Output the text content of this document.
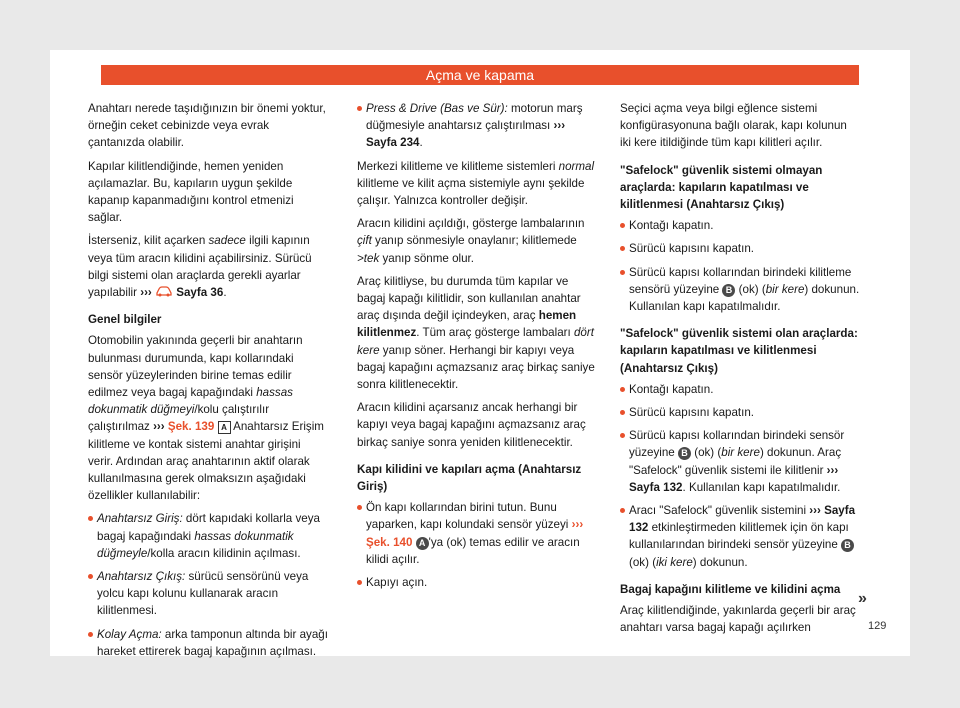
Açma ve kapama

Anahtarı nerede taşıdığınızın bir önemi yoktur, örneğin ceket cebinizde veya evrak çantanızda olabilir.

Kapılar kilitlendiğinde, hemen yeniden açılamazlar. Bu, kapıların uygun şekilde kapanıp kapanmadığını kontrol etmenizi sağlar.

İsterseniz, kilit açarken sadece ilgili kapının veya tüm aracın kilidini açabilirsiniz. Sürücü bilgi sistemi olan araçlarda gerekli ayarlar yapılabilir ›››  Sayfa 36.

Genel bilgiler

Otomobilin yakınında geçerli bir anahtarın bulunması durumunda, kapı kollarındaki sensör yüzeylerinden birine temas edilir edilmez veya bagaj kapağındaki hassas dokunmatik düğmeyi/kolu çalıştırılır çalıştırılmaz ››› Şek. 139 A Anahtarsız Erişim kilitleme ve kontak sistemi anahtar girişini verir. Ardından araç anahtarının aktif olarak kullanılmasına gerek olmaksızın aşağıdaki özellikler kullanılabilir:

Anahtarsız Giriş: dört kapıdaki kollarla veya bagaj kapağındaki hassas dokunmatik düğmeyle/kolla aracın kilidinin açılması.
Anahtarsız Çıkış: sürücü sensörünü veya yolcu kapı kolunu kullanarak aracın kilitlenmesi.
Kolay Açma: arka tamponun altında bir ayağı hareket ettirerek bagaj kapağının açılması.
Press & Drive (Bas ve Sür): motorun marş düğmesiyle anahtarsız çalıştırılması ››› Sayfa 234.

Merkezi kilitleme ve kilitleme sistemleri normal kilitleme ve kilit açma sistemiyle aynı şekilde çalışır. Yalnızca kontroller değişir.

Aracın kilidini açıldığı, gösterge lambalarının çift yanıp sönmesiyle onaylanır; kilitlemede >tek yanıp sönme olur.

Araç kilitliyse, bu durumda tüm kapılar ve bagaj kapağı kilitlidir, son kullanılan anahtar araç dışında değil içindeyken, araç hemen kilitlenmez. Tüm araç gösterge lambaları dört kere yanıp söner. Herhangi bir kapıyı veya bagaj kapağını açmazsanız araç birkaç saniye sonra kilitlenecektir.

Aracın kilidini açarsanız ancak herhangi bir kapıyı veya bagaj kapağını açmazsanız araç birkaç saniye sonra yeniden kilitlenecektir.

Kapı kilidini ve kapıları açma (Anahtarsız Giriş)
Ön kapı kollarından birini tutun. Bunu yaparken, kapı kolundaki sensör yüzeyi ››› Şek. 140 A 'ya (ok) temas edilir ve aracın kilidi açılır.
Kapıyı açın.

Seçici açma veya bilgi eğlence sistemi konfigürasyonuna bağlı olarak, kapı kolunun iki kere itildiğinde tüm kapı kilitleri açılır.

"Safelock" güvenlik sistemi olmayan araçlarda: kapıların kapatılması ve kilitlenmesi (Anahtarsız Çıkış)
Kontağı kapatın.
Sürücü kapısını kapatın.
Sürücü kapısı kollarından birindeki kilitleme sensörü yüzeyine B (ok) (bir kere) dokunun. Kullanılan kapı kapatılmalıdır.
"Safelock" güvenlik sistemi olan araçlarda: kapıların kapatılması ve kilitlenmesi (Anahtarsız Çıkış)
Kontağı kapatın.
Sürücü kapısını kapatın.
Sürücü kapısı kollarından birindeki sensör yüzeyine B (ok) (bir kere) dokunun. Araç "Safelock" güvenlik sistemi ile kilitlenir ››› Sayfa 132. Kullanılan kapı kapatılmalıdır.
Aracı "Safelock" güvenlik sistemini ››› Sayfa 132 etkinleştirmeden kilitlemek için ön kapı kullanılarından birindeki sensör yüzeyine B (ok) (iki kere) dokunun.
Bagaj kapağını kilitleme ve kilidini açma

Araç kilitlendiğinde, yakınlarda geçerli bir araç anahtarı varsa bagaj kapağı açılırken

»
129
